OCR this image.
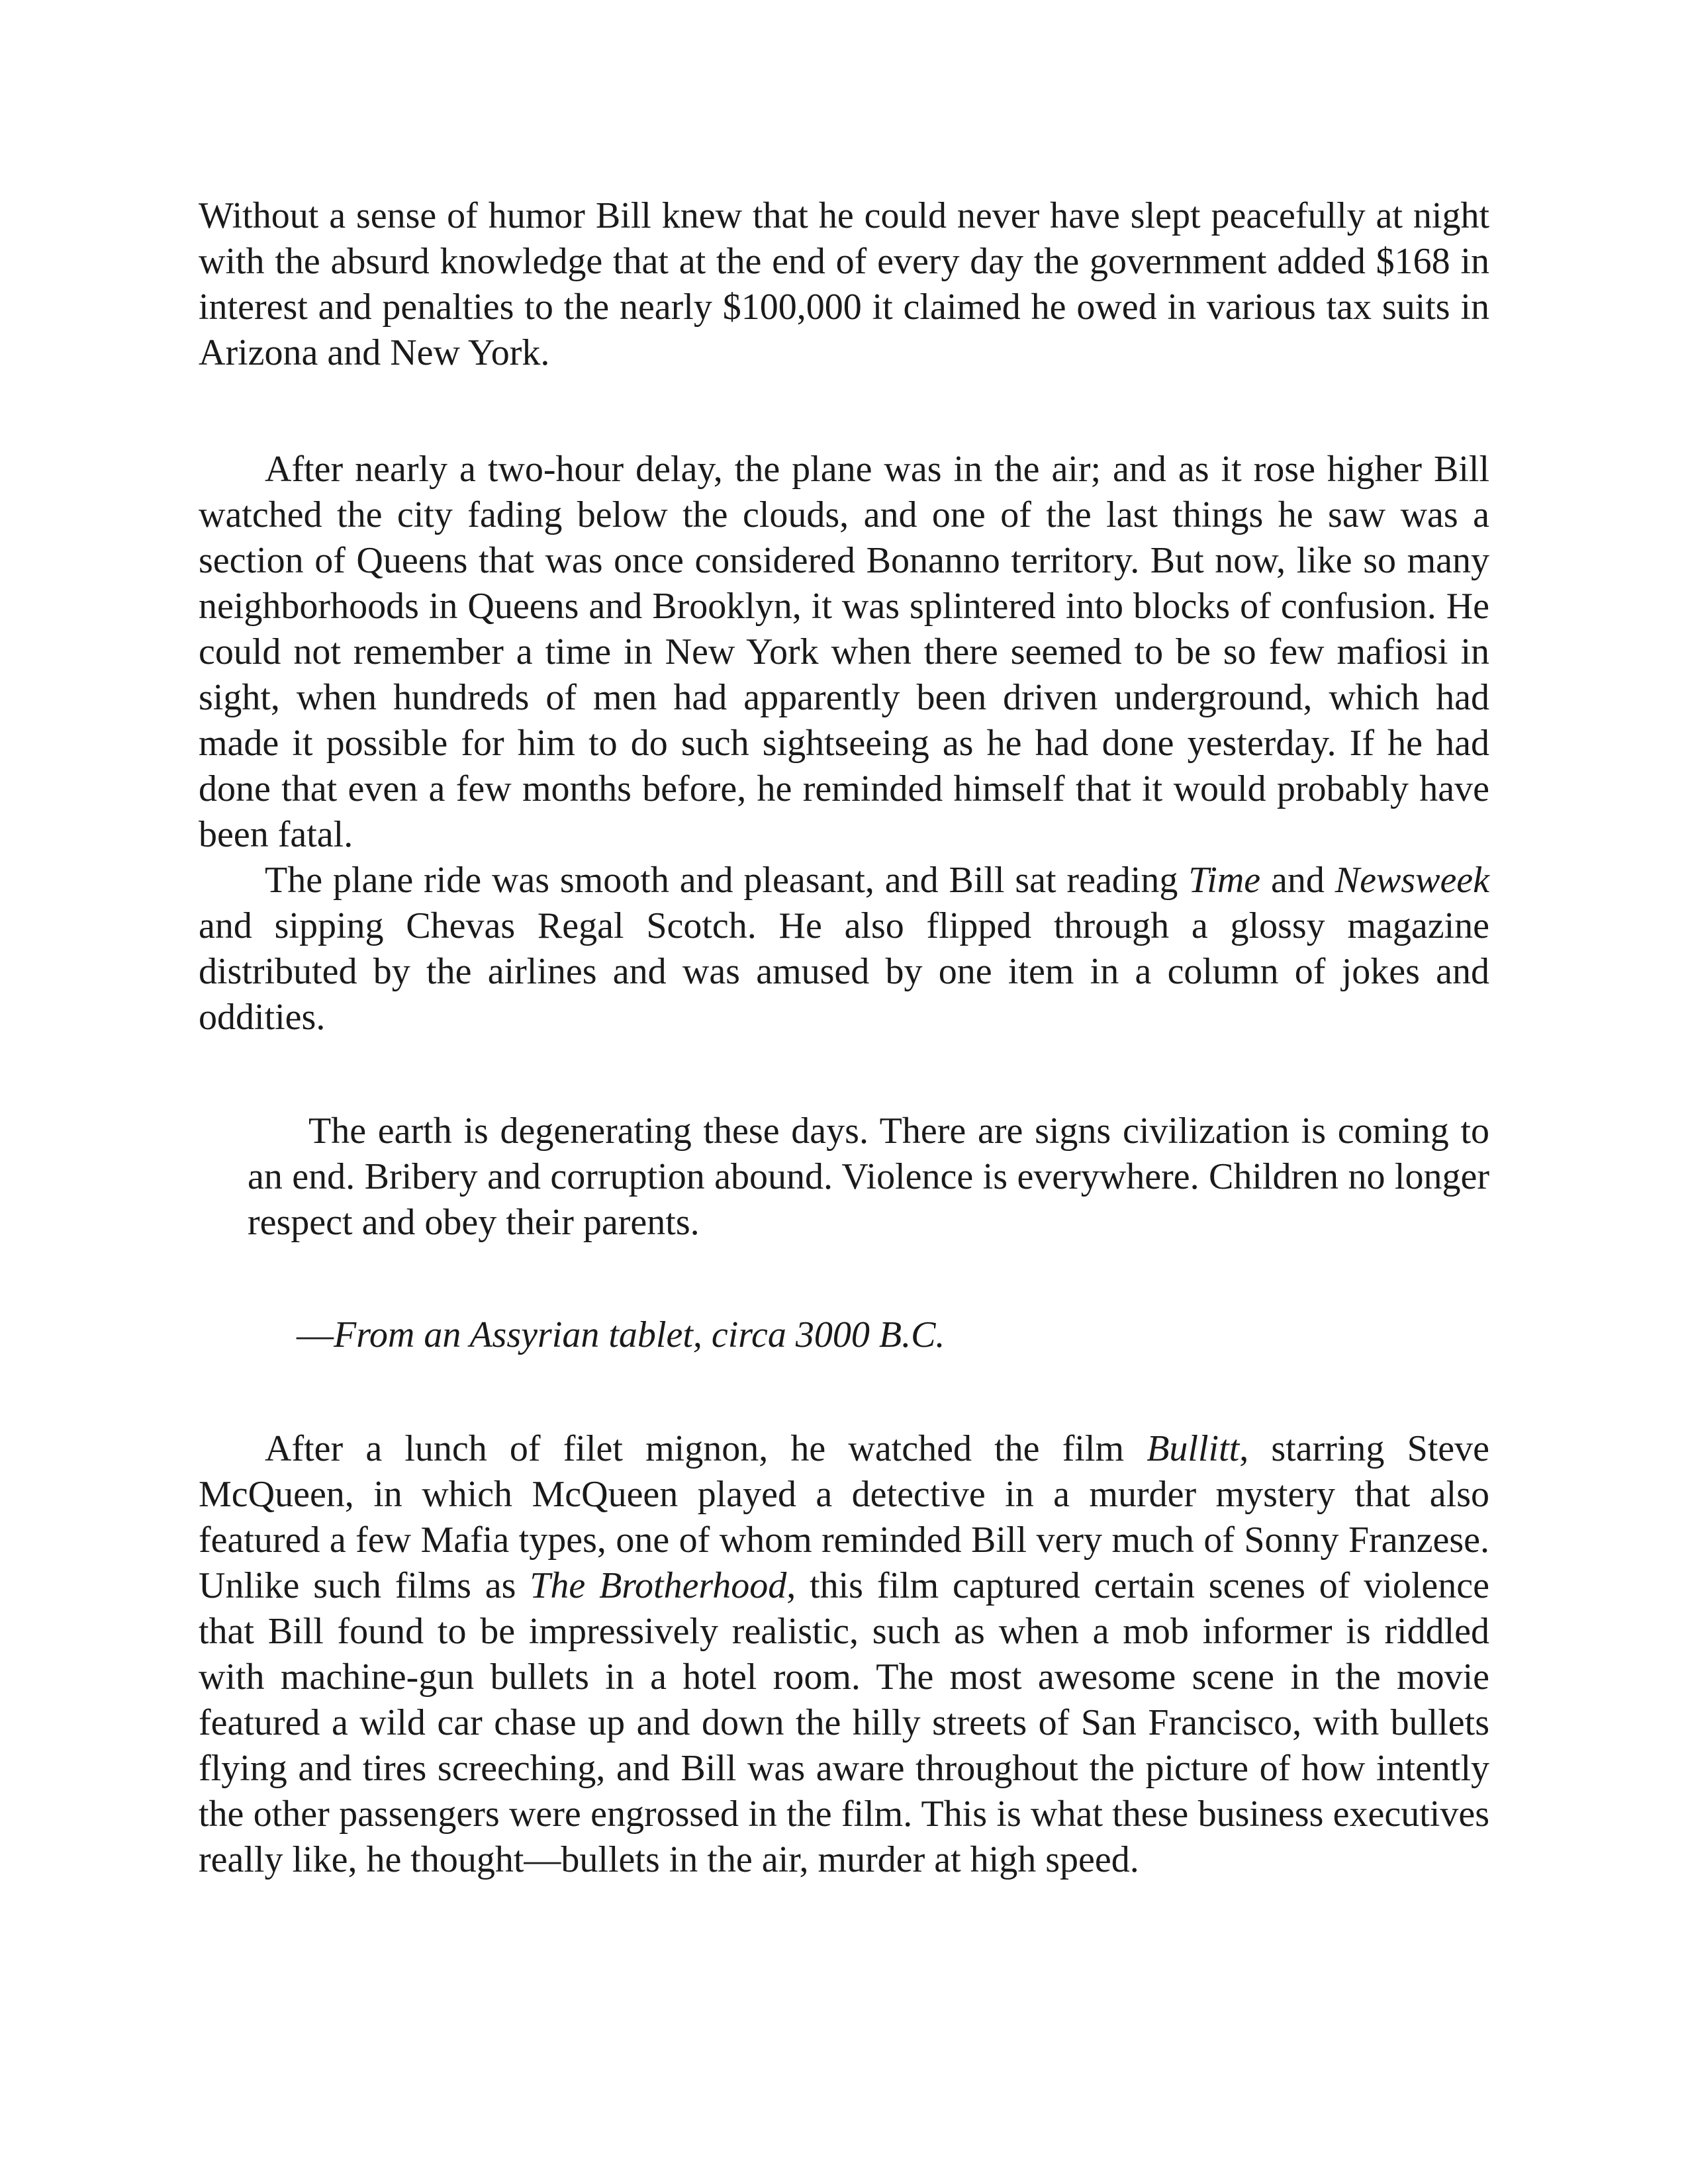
Without a sense of humor Bill knew that he could never have slept peacefully at night with the absurd knowledge that at the end of every day the government added $168 in interest and penalties to the nearly $100,000 it claimed he owed in various tax suits in Arizona and New York.

After nearly a two-hour delay, the plane was in the air; and as it rose higher Bill watched the city fading below the clouds, and one of the last things he saw was a section of Queens that was once considered Bonanno territory. But now, like so many neighborhoods in Queens and Brooklyn, it was splintered into blocks of confusion. He could not remember a time in New York when there seemed to be so few mafiosi in sight, when hundreds of men had apparently been driven underground, which had made it possible for him to do such sightseeing as he had done yesterday. If he had done that even a few months before, he reminded himself that it would probably have been fatal.

The plane ride was smooth and pleasant, and Bill sat reading Time and Newsweek and sipping Chevas Regal Scotch. He also flipped through a glossy magazine distributed by the airlines and was amused by one item in a column of jokes and oddities.

The earth is degenerating these days. There are signs civilization is coming to an end. Bribery and corruption abound. Violence is everywhere. Children no longer respect and obey their parents.

—From an Assyrian tablet, circa 3000 B.C.

After a lunch of filet mignon, he watched the film Bullitt, starring Steve McQueen, in which McQueen played a detective in a murder mystery that also featured a few Mafia types, one of whom reminded Bill very much of Sonny Franzese. Unlike such films as The Brotherhood, this film captured certain scenes of violence that Bill found to be impressively realistic, such as when a mob informer is riddled with machine-gun bullets in a hotel room. The most awesome scene in the movie featured a wild car chase up and down the hilly streets of San Francisco, with bullets flying and tires screeching, and Bill was aware throughout the picture of how intently the other passengers were engrossed in the film. This is what these business executives really like, he thought—bullets in the air, murder at high speed.
